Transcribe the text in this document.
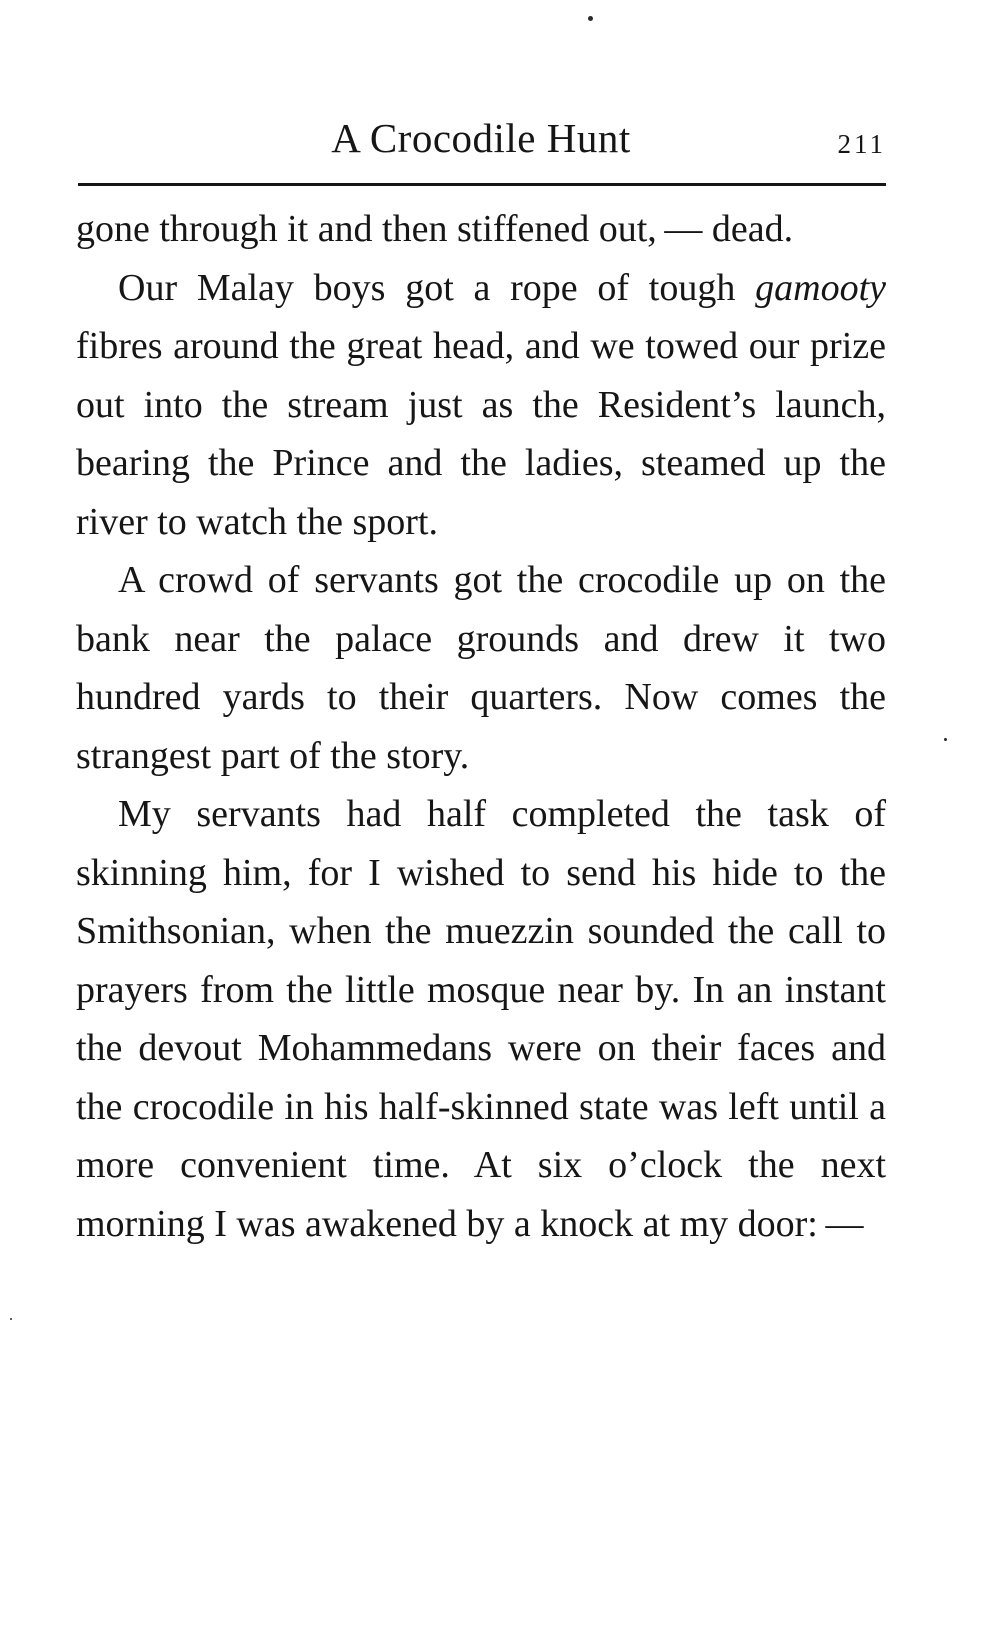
A Crocodile Hunt	211

gone through it and then stiffened out, — dead.

Our Malay boys got a rope of tough gamooty fibres around the great head, and we towed our prize out into the stream just as the Resident’s launch, bearing the Prince and the ladies, steamed up the river to watch the sport.

A crowd of servants got the crocodile up on the bank near the palace grounds and drew it two hundred yards to their quarters. Now comes the strangest part of the story.

My servants had half completed the task of skinning him, for I wished to send his hide to the Smithsonian, when the muezzin sounded the call to prayers from the little mosque near by. In an instant the devout Mohammedans were on their faces and the crocodile in his half-skinned state was left until a more convenient time. At six o’clock the next morning I was awakened by a knock at my door: —
